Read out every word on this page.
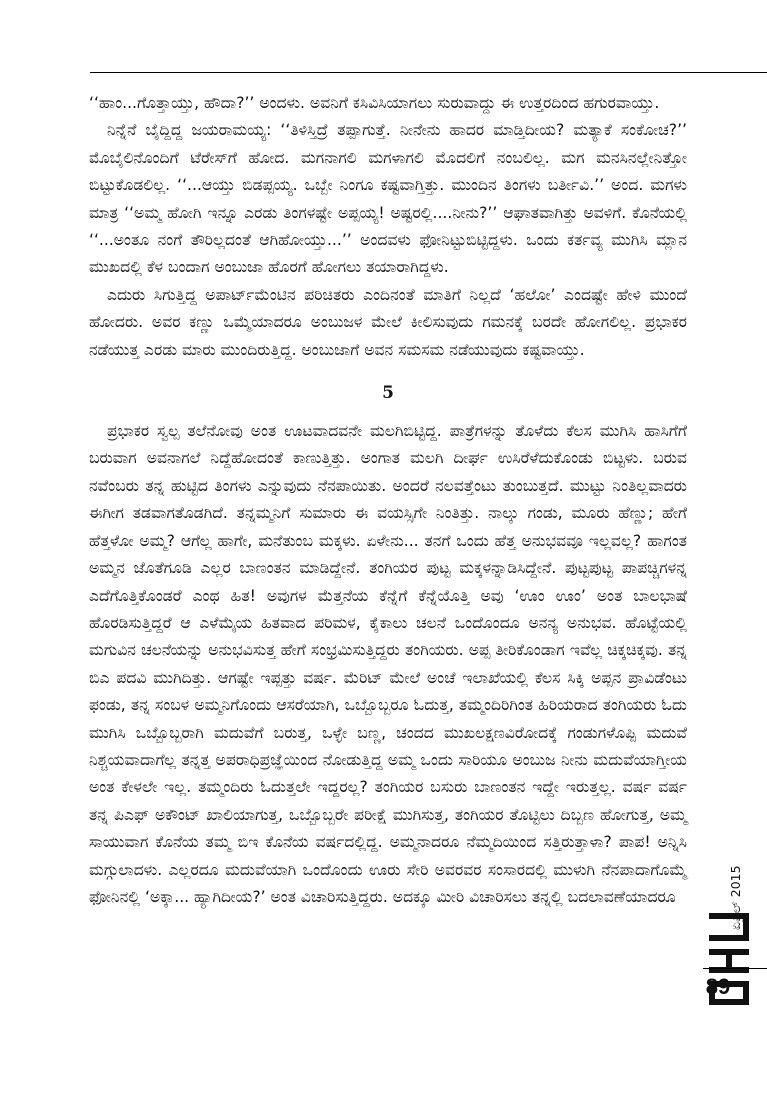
‘‘ಹಾಂ...ಗೊತ್ತಾಯ್ತು, ಹೌದಾ?’’ ಅಂದಳು. ಅವನಿಗೆ ಕಸಿವಿಸಿಯಾಗಲು ಸುರುವಾದ್ದು ಈ ಉತ್ತರದಿಂದ ಹಗುರವಾಯ್ತು.

ನಿನ್ನೆನೆ ಬೈದ್ದಿದ್ದ ಜಯರಾಮಯ್ಯ: ‘‘ತಿಳಿಸ್ತಿದ್ರೆ ತಪ್ಪಾಗುತ್ತೆ. ನೀನೇನು ಹಾದರ ಮಾಡ್ತಿದೀಯ? ಮತ್ಯಾಕೆ ಸಂಕೋಚ?’’ ಮೊಬೈಲಿನೊಂದಿಗೆ ಟೆರೇಸ್‌ಗೆ ಹೋದ. ಮಗನಾಗಲಿ ಮಗಳಾಗಲಿ ಮೊದಲಿಗೆ ನಂಬಲಿಲ್ಲ. ಮಗ ಮನಸಿನಲ್ಲೇನಿತ್ತೋ ಬಿಟ್ಟುಕೊಡಲಿಲ್ಲ. ‘‘...ಆಯ್ತು ಬಿಡಪ್ಪಯ್ಯ. ಒಬ್ಬೇ ನಿಂಗೂ ಕಷ್ಟವಾಗ್ತಿತ್ತು. ಮುಂದಿನ ತಿಂಗಳು ಬರ್ತೀವಿ.’’ ಅಂದ. ಮಗಳು ಮಾತ್ರ ‘‘ಅಮ್ಮ ಹೋಗಿ ಇನ್ನೂ ಎರಡು ತಿಂಗಳಷ್ಟೇ ಅಪ್ಪಯ್ಯ! ಅಷ್ಟರಲ್ಲಿ....ನೀನು?’’ ಆಘಾತವಾಗಿತ್ತು ಅವಳಿಗೆ. ಕೊನೆಯಲ್ಲಿ ‘‘...ಅಂತೂ ನಂಗೆ ತೌರಿಲ್ಲದಂತೆ ಆಗಿಹೋಯ್ತು...’’ ಅಂದವಳು ಫೋನಿಟ್ಟುಬಿಟ್ಟಿದ್ದಳು. ಒಂದು ಕರ್ತವ್ಯ ಮುಗಿಸಿ ಮ್ಲಾನ ಮುಖದಲ್ಲಿ ಕೆಳ ಬಂದಾಗ ಅಂಬುಜಾ ಹೊರಗೆ ಹೋಗಲು ತಯಾರಾಗಿದ್ದಳು.

ಎದುರು ಸಿಗುತ್ತಿದ್ದ ಅಪಾರ್ಟ್‌ಮೆಂಟಿನ ಪರಿಚಿತರು ಎಂದಿನಂತೆ ಮಾತಿಗೆ ನಿಲ್ಲದೆ ‘ಹಲೋ’ ಎಂದಷ್ಟೇ ಹೇಳಿ ಮುಂದೆ ಹೋದರು. ಅವರ ಕಣ್ಣು ಒಮ್ಮೆಯಾದರೂ ಅಂಬುಜಳ ಮೇಲೆ ಕೀಲಿಸುವುದು ಗಮನಕ್ಕೆ ಬರದೇ ಹೋಗಲಿಲ್ಲ. ಪ್ರಭಾಕರ ನಡೆಯುತ್ತ ಎರಡು ಮಾರು ಮುಂದಿರುತ್ತಿದ್ದ. ಅಂಬುಜಾಗೆ ಅವನ ಸಮಸಮ ನಡೆಯುವುದು ಕಷ್ಟವಾಯ್ತು.

5

ಪ್ರಭಾಕರ ಸ್ವಲ್ಪ ತಲೆನೋವು ಅಂತ ಊಟವಾದವನೇ ಮಲಗಿಬಿಟ್ಟಿದ್ದ. ಪಾತ್ರೆಗಳನ್ನು ತೊಳೆದು ಕೆಲಸ ಮುಗಿಸಿ ಹಾಸಿಗೆಗೆ ಬರುವಾಗ ಅವನಾಗಲೆ ನಿದ್ದೆಹೋದಂತೆ ಕಾಣುತ್ತಿತ್ತು. ಅಂಗಾತ ಮಲಗಿ ದೀರ್ಘ ಉಸಿರೆಳೆದುಕೊಂಡು ಬಿಟ್ಟಳು. ಬರುವ ನವೆಂಬರು ತನ್ನ ಹುಟ್ಟಿದ ತಿಂಗಳು ಎನ್ನುವುದು ನೆನಪಾಯಿತು. ಅಂದರೆ ನಲವತ್ತೆಂಟು ತುಂಬುತ್ತದೆ. ಮುಟ್ಟು ನಿಂತಿಲ್ಲವಾದರು ಈಗೀಗ ತಡವಾಗತೊಡಗಿದೆ. ತನ್ನಮ್ಮನಿಗೆ ಸುಮಾರು ಈ ವಯಸ್ಸಿಗೇ ನಿಂತಿತ್ತು. ನಾಲ್ಕು ಗಂಡು, ಮೂರು ಹೆಣ್ಣು; ಹೇಗೆ ಹೆತ್ತಳೋ ಅಮ್ಮ? ಆಗೆಲ್ಲ ಹಾಗೇ, ಮನೆತುಂಬ ಮಕ್ಕಳು. ಏಳೇನು... ತನಗೆ ಒಂದು ಹೆತ್ತ ಅನುಭವವೂ ಇಲ್ಲವಲ್ಲ? ಹಾಗಂತ ಅಮ್ಮನ ಜೊತೆಗೂಡಿ ಎಲ್ಲರ ಬಾಣಂತನ ಮಾಡಿದ್ದೇನೆ. ತಂಗಿಯರ ಪುಟ್ಟ ಮಕ್ಕಳನ್ನಾಡಿಸಿದ್ದೇನೆ. ಪುಟ್ಟಪುಟ್ಟ ಪಾಪಚ್ಚಿಗಳನ್ನ ಎದೆಗೊತ್ತಿಕೊಂಡರೆ ಎಂಥ ಹಿತ! ಅವುಗಳ ಮೆತ್ತನೆಯ ಕೆನ್ನೆಗೆ ಕೆನ್ನೆಯೊತ್ತಿ ಅವು ‘ಊಂ ಊಂ’ ಅಂತ ಬಾಲಭಾಷೆ ಹೊರಡಿಸುತ್ತಿದ್ದರೆ ಆ ಎಳೆಮೈಯ ಹಿತವಾದ ಪರಿಮಳ, ಕೈಕಾಲು ಚಲನೆ ಒಂದೊಂದೂ ಅನನ್ಯ ಅನುಭವ. ಹೊಟ್ಟೆಯಲ್ಲಿ ಮಗುವಿನ ಚಲನೆಯನ್ನು ಅನುಭವಿಸುತ್ತ ಹೇಗೆ ಸಂಭ್ರಮಿಸುತ್ತಿದ್ದರು ತಂಗಿಯರು. ಅಪ್ಪ ತೀರಿಕೊಂಡಾಗ ಇವೆಲ್ಲ ಚಿಕ್ಕಚಿಕ್ಕವು. ತನ್ನ ಬಿಎ ಪದವಿ ಮುಗಿದಿತ್ತು. ಆಗಷ್ಟೇ ಇಪ್ಪತ್ತು ವರ್ಷ. ಮೆರಿಟ್ ಮೇಲೆ ಅಂಚೆ ಇಲಾಖೆಯಲ್ಲಿ ಕೆಲಸ ಸಿಕ್ಕಿ ಅಪ್ಪನ ಪ್ರಾವಿಡೆಂಟು ಫಂಡು, ತನ್ನ ಸಂಬಳ ಅಮ್ಮನಿಗೊಂದು ಆಸರೆಯಾಗಿ, ಒಬ್ಬೊಬ್ಬರೂ ಓದುತ್ತ, ತಮ್ಮಂದಿರಿಗಿಂತ ಹಿರಿಯರಾದ ತಂಗಿಯರು ಓದು ಮುಗಿಸಿ ಒಬ್ಬೊಬ್ಬರಾಗಿ ಮದುವೆಗೆ ಬರುತ್ತ, ಒಳ್ಳೇ ಬಣ್ಣ, ಚಂದದ ಮುಖಲಕ್ಷಣವಿರೋದಕ್ಕೆ ಗಂಡುಗಳೊಪ್ಪಿ ಮದುವೆ ನಿಶ್ಚಯವಾದಾಗೆಲ್ಲ ತನ್ನತ್ತ ಅಪರಾಧಿಪ್ರಜ್ಞೆಯಿಂದ ನೋಡುತ್ತಿದ್ದ ಅಮ್ಮ ಒಂದು ಸಾರಿಯೂ ಅಂಬುಜ ನೀನು ಮದುವೆಯಾಗ್ತೀಯ ಅಂತ ಕೇಳಲೇ ಇಲ್ಲ. ತಮ್ಮಂದಿರು ಓದುತ್ತಲೇ ಇದ್ದರಲ್ಲ? ತಂಗಿಯರ ಬಸುರು ಬಾಣಂತನ ಇದ್ದೇ ಇರುತ್ತಲ್ಲ. ವರ್ಷ ವರ್ಷ ತನ್ನ ಪಿಎಫ್ ಅಕೌಂಟ್ ಖಾಲಿಯಾಗುತ್ತ, ಒಬ್ಬೊಬ್ಬರೇ ಪರೀಕ್ಷೆ ಮುಗಿಸುತ್ತ, ತಂಗಿಯರ ತೊಟ್ಟಿಲು ದಿಬ್ಬಣ ಹೋಗುತ್ತ, ಅಮ್ಮ ಸಾಯುವಾಗ ಕೊನೆಯ ತಮ್ಮ ಬಿಇ ಕೊನೆಯ ವರ್ಷದಲ್ಲಿದ್ದ. ಅಮ್ಮನಾದರೂ ನೆಮ್ಮದಿಯಿಂದ ಸತ್ತಿರುತ್ತಾಳಾ? ಪಾಪ! ಅನ್ನಿಸಿ ಮಗ್ಗುಲಾದಳು. ಎಲ್ಲರದೂ ಮದುವೆಯಾಗಿ ಒಂದೊಂದು ಊರು ಸೇರಿ ಅವರವರ ಸಂಸಾರದಲ್ಲಿ ಮುಳುಗಿ ನೆನಪಾದಾಗೊಮ್ಮೆ ಫೋನಿನಲ್ಲಿ ‘ಅಕ್ಕಾ... ಹ್ಯಾಗಿದೀಯ?’ ಅಂತ ವಿಚಾರಿಸುತ್ತಿದ್ದರು. ಅದಕ್ಕೂ ಮೀರಿ ವಿಚಾರಿಸಲು ತನ್ನಲ್ಲಿ ಬದಲಾವಣೆಯಾದರೂ	ಏಪ್ರಿಲ್ 2015
89
